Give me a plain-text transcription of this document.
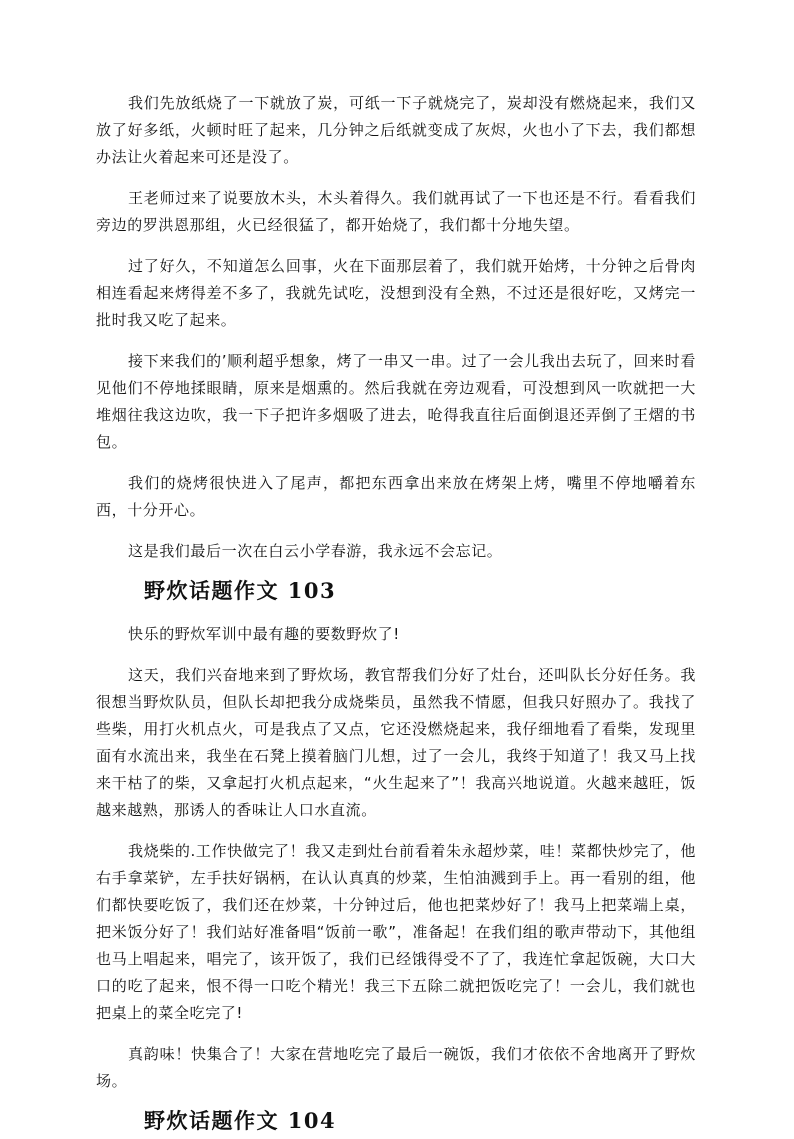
我们先放纸烧了一下就放了炭，可纸一下子就烧完了，炭却没有燃烧起来，我们又放了好多纸，火顿时旺了起来，几分钟之后纸就变成了灰烬，火也小了下去，我们都想办法让火着起来可还是没了。

王老师过来了说要放木头，木头着得久。我们就再试了一下也还是不行。看看我们旁边的罗洪恩那组，火已经很猛了，都开始烧了，我们都十分地失望。

过了好久，不知道怎么回事，火在下面那层着了，我们就开始烤，十分钟之后骨肉相连看起来烤得差不多了，我就先试吃，没想到没有全熟，不过还是很好吃，又烤完一批时我又吃了起来。

接下来我们的’顺利超乎想象，烤了一串又一串。过了一会儿我出去玩了，回来时看见他们不停地揉眼睛，原来是烟熏的。然后我就在旁边观看，可没想到风一吹就把一大堆烟往我这边吹，我一下子把许多烟吸了进去，呛得我直往后面倒退还弄倒了王熠的书包。

我们的烧烤很快进入了尾声，都把东西拿出来放在烤架上烤，嘴里不停地嚼着东西，十分开心。

这是我们最后一次在白云小学春游，我永远不会忘记。

野炊话题作文 103

快乐的野炊军训中最有趣的要数野炊了!

这天，我们兴奋地来到了野炊场，教官帮我们分好了灶台，还叫队长分好任务。我很想当野炊队员，但队长却把我分成烧柴员，虽然我不情愿，但我只好照办了。我找了些柴，用打火机点火，可是我点了又点，它还没燃烧起来，我仔细地看了看柴，发现里面有水流出来，我坐在石凳上摸着脑门儿想，过了一会儿，我终于知道了！我又马上找来干枯了的柴，又拿起打火机点起来，“火生起来了”！我高兴地说道。火越来越旺，饭越来越熟，那诱人的香味让人口水直流。

我烧柴的.工作快做完了！我又走到灶台前看着朱永超炒菜，哇！菜都快炒完了，他右手拿菜铲，左手扶好锅柄，在认认真真的炒菜，生怕油溅到手上。再一看别的组，他们都快要吃饭了，我们还在炒菜，十分钟过后，他也把菜炒好了！我马上把菜端上桌，把米饭分好了！我们站好准备唱“饭前一歌”，准备起！在我们组的歌声带动下，其他组也马上唱起来，唱完了，该开饭了，我们已经饿得受不了了，我连忙拿起饭碗，大口大口的吃了起来，恨不得一口吃个精光！我三下五除二就把饭吃完了！一会儿，我们就也把桌上的菜全吃完了!

真韵味！快集合了！大家在营地吃完了最后一碗饭，我们才依依不舍地离开了野炊场。

野炊话题作文 104
